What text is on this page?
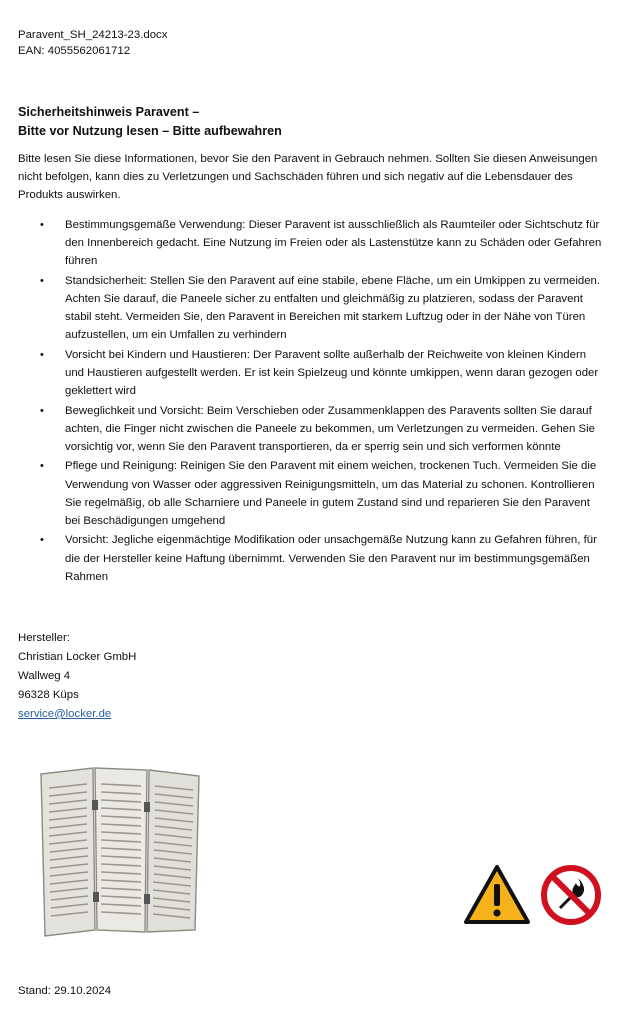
Paravent_SH_24213-23.docx
EAN: 4055562061712
Sicherheitshinweis Paravent –
Bitte vor Nutzung lesen – Bitte aufbewahren

Bitte lesen Sie diese Informationen, bevor Sie den Paravent in Gebrauch nehmen. Sollten Sie diesen Anweisungen nicht befolgen, kann dies zu Verletzungen und Sachschäden führen und sich negativ auf die Lebensdauer des Produkts auswirken.

• Bestimmungsgemäße Verwendung: Dieser Paravent ist ausschließlich als Raumteiler oder Sichtschutz für den Innenbereich gedacht. Eine Nutzung im Freien oder als Lastenstütze kann zu Schäden oder Gefahren führen
• Standsicherheit: Stellen Sie den Paravent auf eine stabile, ebene Fläche, um ein Umkippen zu vermeiden. Achten Sie darauf, die Paneele sicher zu entfalten und gleichmäßig zu platzieren, sodass der Paravent stabil steht. Vermeiden Sie, den Paravent in Bereichen mit starkem Luftzug oder in der Nähe von Türen aufzustellen, um ein Umfallen zu verhindern
• Vorsicht bei Kindern und Haustieren: Der Paravent sollte außerhalb der Reichweite von kleinen Kindern und Haustieren aufgestellt werden. Er ist kein Spielzeug und könnte umkippen, wenn daran gezogen oder geklettert wird
• Beweglichkeit und Vorsicht: Beim Verschieben oder Zusammenklappen des Paravents sollten Sie darauf achten, die Finger nicht zwischen die Paneele zu bekommen, um Verletzungen zu vermeiden. Gehen Sie vorsichtig vor, wenn Sie den Paravent transportieren, da er sperrig sein und sich verformen könnte
• Pflege und Reinigung: Reinigen Sie den Paravent mit einem weichen, trockenen Tuch. Vermeiden Sie die Verwendung von Wasser oder aggressiven Reinigungsmitteln, um das Material zu schonen. Kontrollieren Sie regelmäßig, ob alle Scharniere und Paneele in gutem Zustand sind und reparieren Sie den Paravent bei Beschädigungen umgehend
• Vorsicht: Jegliche eigenmächtige Modifikation oder unsachgemäße Nutzung kann zu Gefahren führen, für die der Hersteller keine Haftung übernimmt. Verwenden Sie den Paravent nur im bestimmungsgemäßen Rahmen
Hersteller:
Christian Locker GmbH
Wallweg 4
96328 Küps
service@locker.de
Stand: 29.10.2024
